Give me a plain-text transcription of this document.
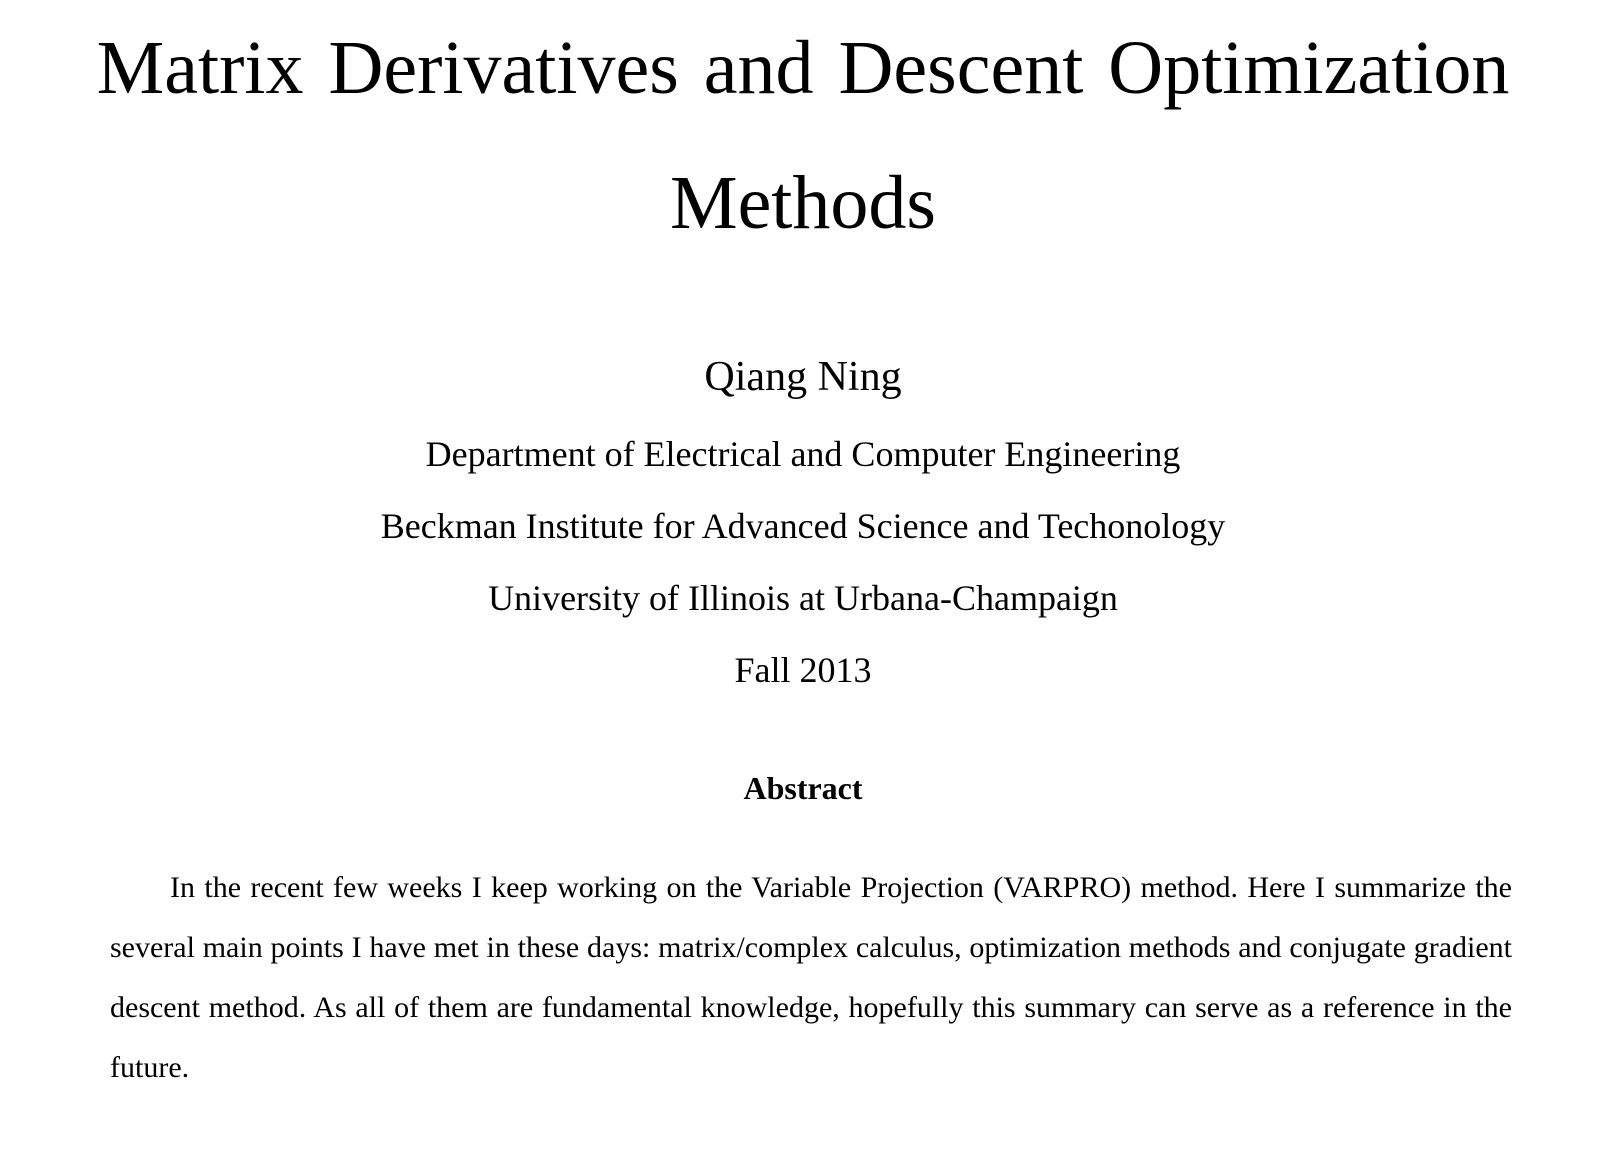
Matrix Derivatives and Descent Optimization
Methods
Qiang Ning
Department of Electrical and Computer Engineering
Beckman Institute for Advanced Science and Techonology
University of Illinois at Urbana-Champaign
Fall 2013
Abstract

In the recent few weeks I keep working on the Variable Projection (VARPRO) method. Here I summarize the several main points I have met in these days: matrix/complex calculus, optimization methods and conjugate gradient descent method. As all of them are fundamental knowledge, hopefully this summary can serve as a reference in the future.
